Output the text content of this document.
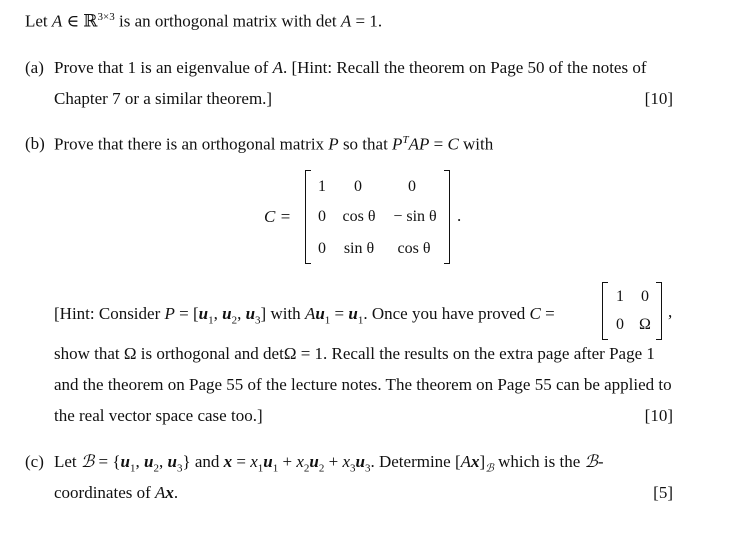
Let A ∈ ℝ$^{3\times 3}$ is an orthogonal matrix with det A = 1.
(a) Prove that 1 is an eigenvalue of A. [Hint: Recall the theorem on Page 50 of the notes of
Chapter 7 or a similar theorem.]	[10]
(b) Prove that there is an orthogonal matrix P so that $P^TAP = C$ with
C =
1	0	0
0	cos θ	− sin θ
0	sin θ	cos θ
.
[Hint: Consider $P = [u_1$, $u_2$, $u_3$] with $Au_1 = u_1$. Once you have proved C =
1	0
0 Ω
,
show that Ω is orthogonal and detΩ = 1. Recall the results on the extra page after Page 1
and the theorem on Page 55 of the lecture notes. The theorem on Page 55 can be applied to
the real vector space case too.]	[10]
(c) Let ℬ = {$u_1$, $u_2$, $u_3$} and $x = x_1u_1 + x_2u_2 + x_3u_3$. Determine $[Ax]_ℬ$ which is the ℬ-
coordinates of Ax.	[5]
